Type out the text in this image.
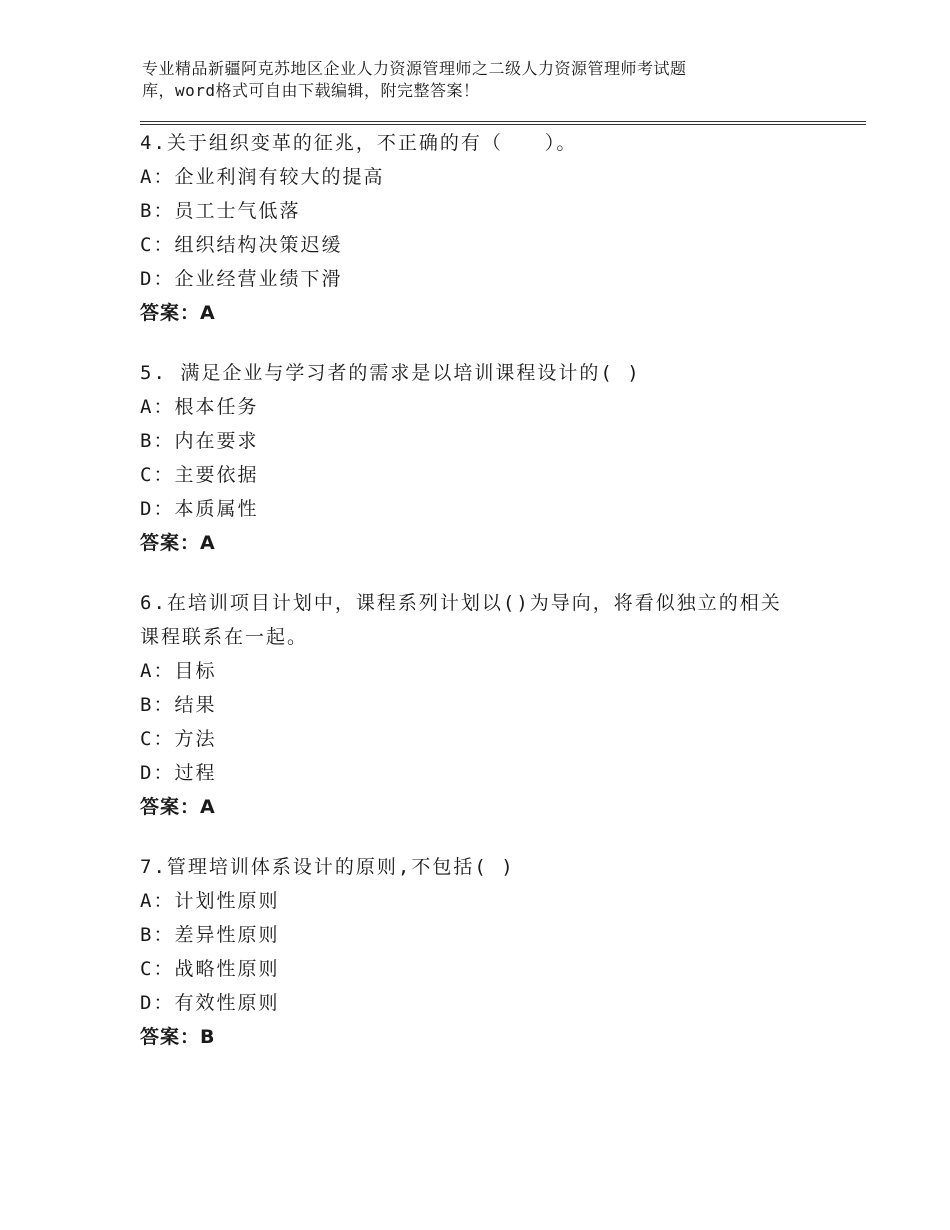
专业精品新疆阿克苏地区企业人力资源管理师之二级人力资源管理师考试题

库，word格式可自由下载编辑，附完整答案！

4.关于组织变革的征兆，不正确的有（　　）。

A：企业利润有较大的提高

B：员工士气低落

C：组织结构决策迟缓

D：企业经营业绩下滑

答案：A

5. 满足企业与学习者的需求是以培训课程设计的( )

A：根本任务

B：内在要求

C：主要依据

D：本质属性

答案：A

6.在培训项目计划中，课程系列计划以()为导向，将看似独立的相关

课程联系在一起。

A：目标

B：结果

C：方法

D：过程

答案：A

7.管理培训体系设计的原则,不包括( )

A：计划性原则

B：差异性原则

C：战略性原则

D：有效性原则

答案：B
